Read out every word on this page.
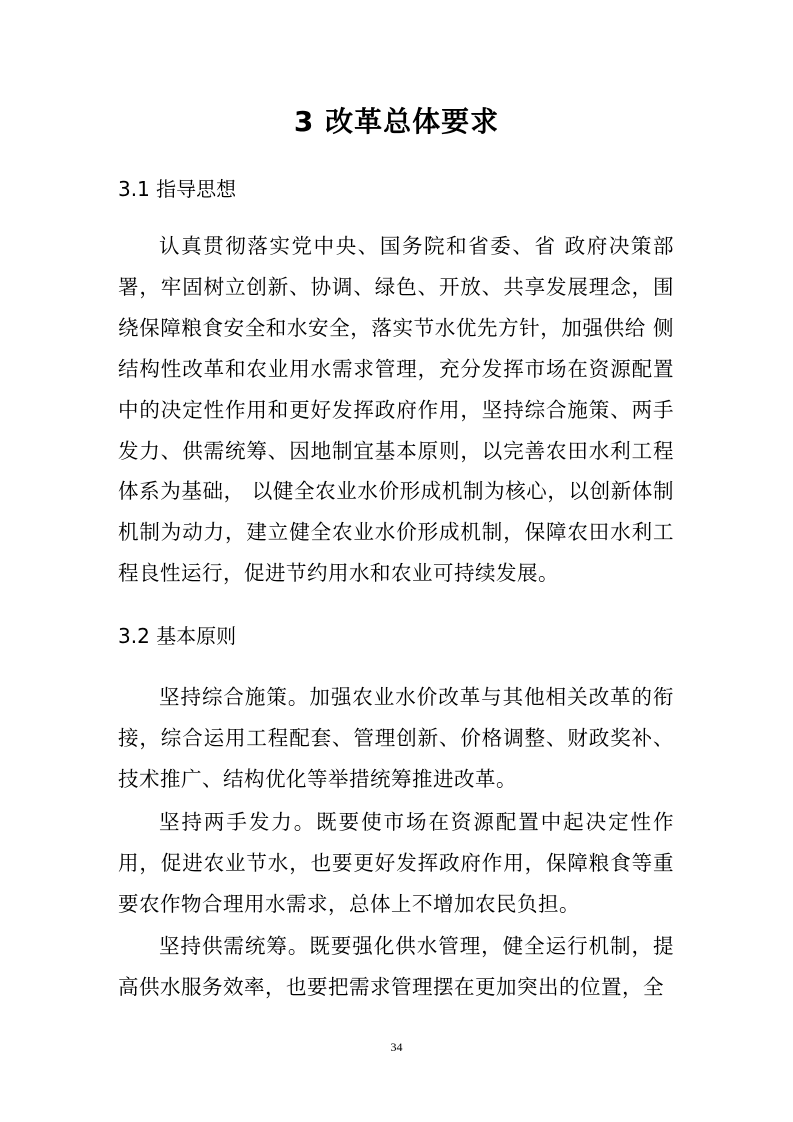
3 改革总体要求
3.1 指导思想

认真贯彻落实党中央、国务院和省委、省 政府决策部署，牢固树立创新、协调、绿色、开放、共享发展理念，围绕保障粮食安全和水安全，落实节水优先方针，加强供给 侧结构性改革和农业用水需求管理，充分发挥市场在资源配置中的决定性作用和更好发挥政府作用，坚持综合施策、两手发力、供需统筹、因地制宜基本原则，以完善农田水利工程体系为基础， 以健全农业水价形成机制为核心，以创新体制机制为动力，建立健全农业水价形成机制，保障农田水利工程良性运行，促进节约用水和农业可持续发展。

3.2 基本原则

坚持综合施策。加强农业水价改革与其他相关改革的衔接，综合运用工程配套、管理创新、价格调整、财政奖补、技术推广、结构优化等举措统筹推进改革。

坚持两手发力。既要使市场在资源配置中起决定性作用，促进农业节水，也要更好发挥政府作用，保障粮食等重要农作物合理用水需求，总体上不增加农民负担。

坚持供需统筹。既要强化供水管理，健全运行机制，提高供水服务效率，也要把需求管理摆在更加突出的位置，全

34
